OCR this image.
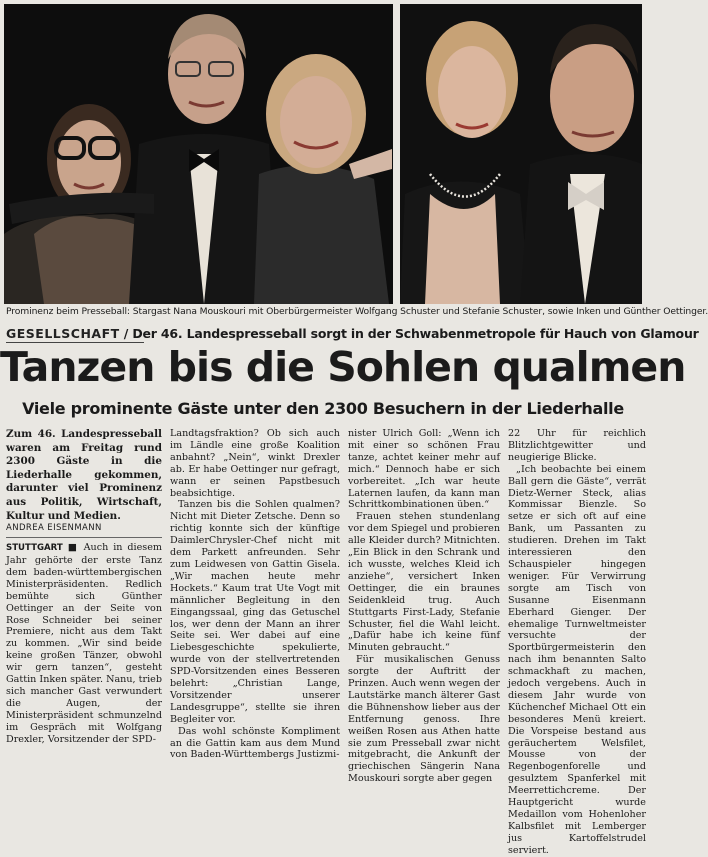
Prominenz beim Presseball: Stargast Nana Mouskouri mit Oberbürgermeister Wolfgang Schuster und Stefanie Schuster, sowie Inken und Günther Oettinger.
GESELLSCHAFT / Der 46. Landespresseball sorgt in der Schwabenmetropole für Hauch von Glamour
Tanzen bis die Sohlen qualmen
Viele prominente Gäste unter den 2300 Besuchern in der Liederhalle

Zum 46. Landespresseball waren am Freitag rund 2300 Gäste in die Liederhalle gekommen, darunter viel Prominenz aus Politik, Wirtschaft, Kultur und Medien.

ANDREA EISENMANN

STUTTGART ■ Auch in diesem Jahr gehörte der erste Tanz dem baden-württembergischen Ministerpräsidenten. Redlich bemühte sich Günther Oettinger an der Seite von Rose Schneider bei seiner Premiere, nicht aus dem Takt zu kommen. „Wir sind beide keine großen Tänzer, obwohl wir gern tanzen“, gesteht Gattin Inken später. Nanu, trieb sich mancher Gast verwundert die Augen, der Ministerpräsident schmunzelnd im Gespräch mit Wolfgang Drexler, Vorsitzender der SPD-

Landtagsfraktion? Ob sich auch im Ländle eine große Koalition anbahnt? „Nein“, winkt Drexler ab. Er habe Oettinger nur gefragt, wann er seinen Papstbesuch beabsichtige.

Tanzen bis die Sohlen qualmen? Nicht mit Dieter Zetsche. Denn so richtig konnte sich der künftige DaimlerChrysler-Chef nicht mit dem Parkett anfreunden. Sehr zum Leidwesen von Gattin Gisela. „Wir machen heute mehr Hockets.“ Kaum trat Ute Vogt mit männlicher Begleitung in den Eingangssaal, ging das Getuschel los, wer denn der Mann an ihrer Seite sei. Wer dabei auf eine Liebesgeschichte spekulierte, wurde von der stellvertretenden SPD-Vorsitzenden eines Besseren belehrt: „Christian Lange, Vorsitzender unserer Landesgruppe“, stellte sie ihren Begleiter vor.

Das wohl schönste Kompliment an die Gattin kam aus dem Mund von Baden-Württembergs Justizmi-

nister Ulrich Goll: „Wenn ich mit einer so schönen Frau tanze, achtet keiner mehr auf mich.“ Dennoch habe er sich vorbereitet. „Ich war heute Laternen laufen, da kann man Schrittkombinationen üben.“

Frauen stehen stundenlang vor dem Spiegel und probieren alle Kleider durch? Mitnichten. „Ein Blick in den Schrank und ich wusste, welches Kleid ich anziehe“, versichert Inken Oettinger, die ein braunes Seidenkleid trug. Auch Stuttgarts First-Lady, Stefanie Schuster, fiel die Wahl leicht. „Dafür habe ich keine fünf Minuten gebraucht.“

Für musikalischen Genuss sorgte der Auftritt der Prinzen. Auch wenn wegen der Lautstärke manch älterer Gast die Bühnenshow lieber aus der Entfernung genoss. Ihre weißen Rosen aus Athen hatte sie zum Presseball zwar nicht mitgebracht, die Ankunft der griechischen Sängerin Nana Mouskouri sorgte aber gegen

22 Uhr für reichlich Blitzlichtgewitter und neugierige Blicke.

„Ich beobachte bei einem Ball gern die Gäste“, verrät Dietz-Werner Steck, alias Kommissar Bienzle. So setze er sich oft auf eine Bank, um Passanten zu studieren. Drehen im Takt interessieren den Schauspieler hingegen weniger. Für Verwirrung sorgte am Tisch von Susanne Eisenmann Eberhard Gienger. Der ehemalige Turnweltmeister versuchte der Sportbürgermeisterin den nach ihm benannten Salto schmackhaft zu machen, jedoch vergebens. Auch in diesem Jahr wurde von Küchenchef Michael Ott ein besonderes Menü kreiert. Die Vorspeise bestand aus geräuchertem Welsfilet, Mousse von der Regenbogenforelle und gesulztem Spanferkel mit Meerrettichcreme. Der Hauptgericht wurde Medaillon vom Hohenloher Kalbsfilet mit Lemberger jus Kartoffelstrudel serviert.
